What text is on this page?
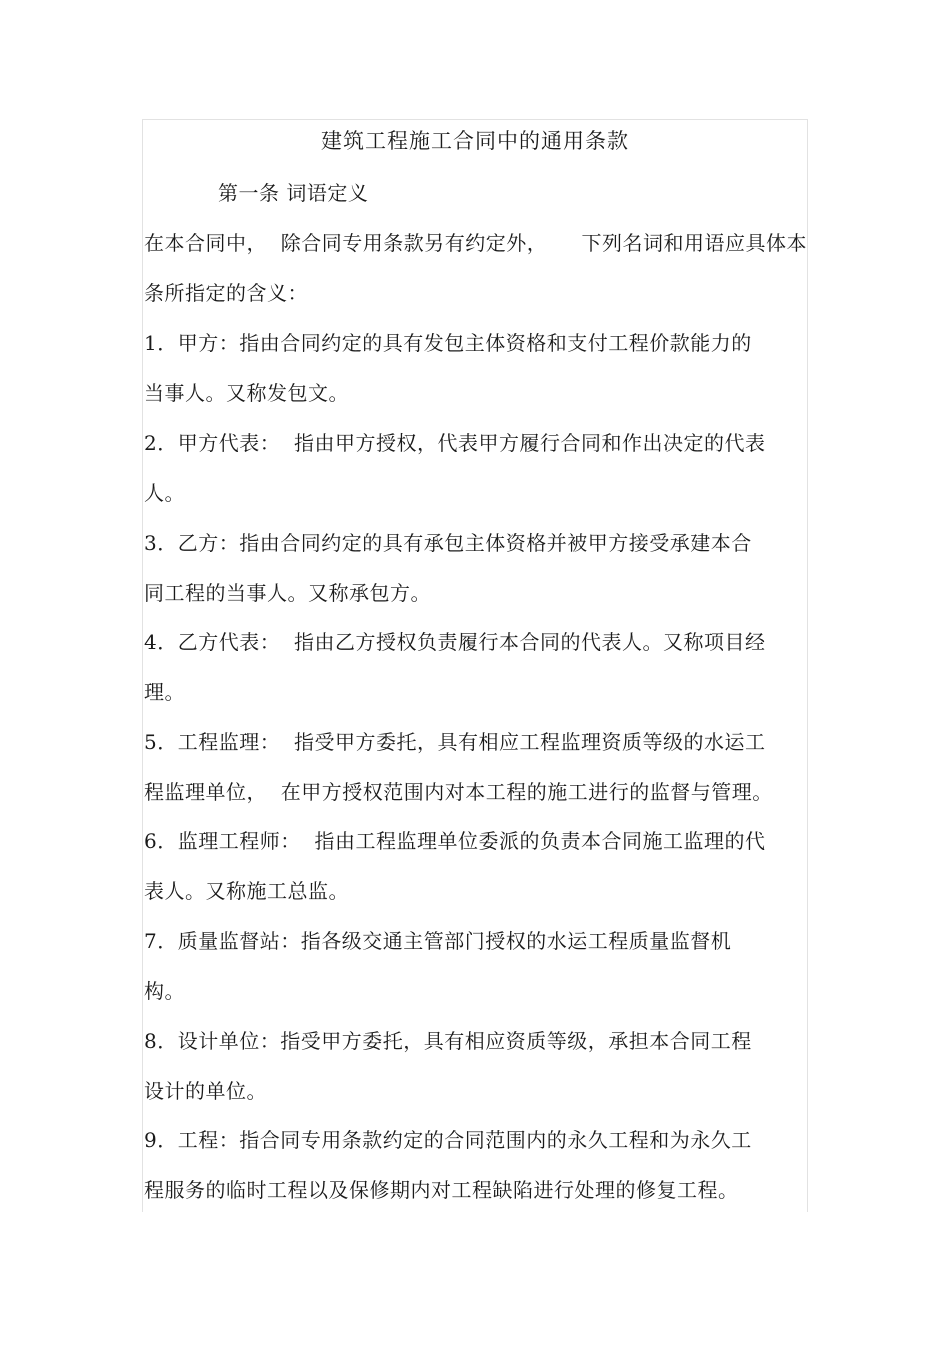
建筑工程施工合同中的通用条款
第一条 词语定义
在本合同中，  除合同专用条款另有约定外，     下列名词和用语应具体本
条所指定的含义：
1．甲方：指由合同约定的具有发包主体资格和支付工程价款能力的
当事人。又称发包文。
2．甲方代表：  指由甲方授权，代表甲方履行合同和作出决定的代表
人。
3．乙方：指由合同约定的具有承包主体资格并被甲方接受承建本合
同工程的当事人。又称承包方。
4．乙方代表：  指由乙方授权负责履行本合同的代表人。又称项目经
理。
5．工程监理：  指受甲方委托，具有相应工程监理资质等级的水运工
程监理单位，  在甲方授权范围内对本工程的施工进行的监督与管理。
6．监理工程师：  指由工程监理单位委派的负责本合同施工监理的代
表人。又称施工总监。
7．质量监督站：指各级交通主管部门授权的水运工程质量监督机
构。
8．设计单位：指受甲方委托，具有相应资质等级，承担本合同工程
设计的单位。
9．工程：指合同专用条款约定的合同范围内的永久工程和为永久工
程服务的临时工程以及保修期内对工程缺陷进行处理的修复工程。
